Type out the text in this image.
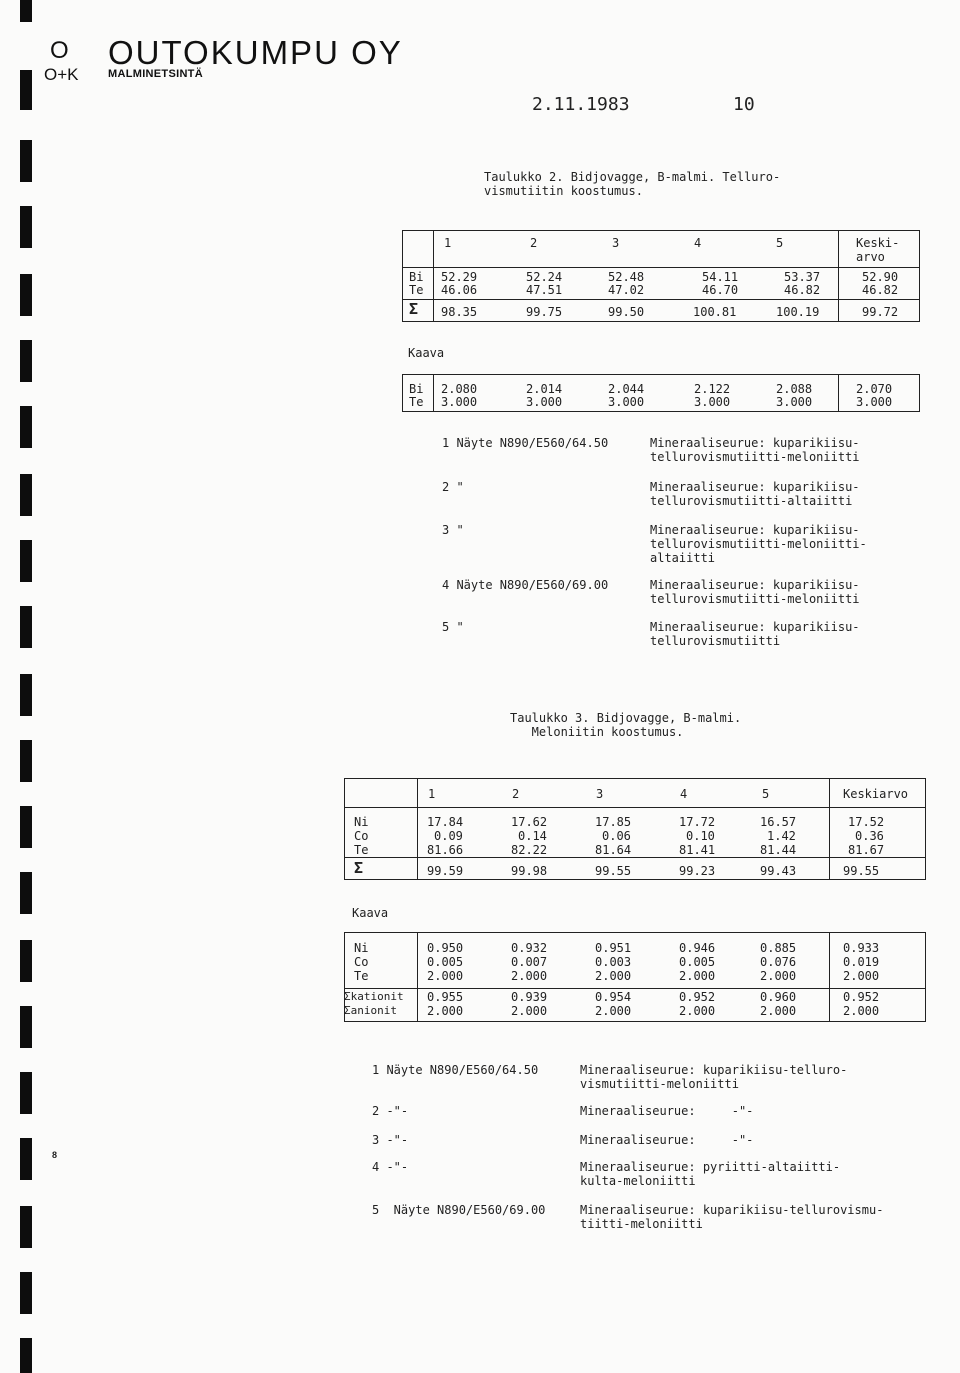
8
O
O+K
OUTOKUMPU OY
MALMINETSINTÄ
2.11.1983	10
Taulukko 2. Bidjovagge, B-malmi. Telluro-
vismutiitin koostumus.
1	2	3	4	5	Keski-
arvo
Bi 52.29	52.24	52.48	54.11	53.37	52.90
Te 46.06	47.51	47.02	46.70	46.82	46.82
Σ 98.35	99.75	99.50	100.81	100.19	99.72
Kaava
Bi 2.080	2.014	2.044	2.122	2.088	2.070
Te 3.000	3.000	3.000	3.000	3.000	3.000
1 Näyte N890/E560/64.50	Mineraaliseurue: kuparikiisu-
tellurovismutiitti-meloniitti
2 "	Mineraaliseurue: kuparikiisu-
tellurovismutiitti-altaiitti
3 "	Mineraaliseurue: kuparikiisu-
tellurovismutiitti-meloniitti-
altaiitti
4 Näyte N890/E560/69.00	Mineraaliseurue: kuparikiisu-
tellurovismutiitti-meloniitti
5 "	Mineraaliseurue: kuparikiisu-
tellurovismutiitti
Taulukko 3. Bidjovagge, B-malmi.
Meloniitin koostumus.
1	2	3	4	5	Keskiarvo
Ni	17.84	17.62	17.85	17.72	16.57	17.52
Co	0.09	0.14	0.06	0.10	1.42	0.36
Te	81.66	82.22	81.64	81.41	81.44	81.67
Σ	99.59	99.98	99.55	99.23	99.43	99.55
Kaava
Ni	0.950	0.932	0.951	0.946	0.885	0.933
Co	0.005	0.007	0.003	0.005	0.076	0.019
Te	2.000	2.000	2.000	2.000	2.000	2.000
Σkationit 0.955	0.939	0.954	0.952	0.960	0.952
Σanionit	2.000	2.000	2.000	2.000	2.000	2.000
1 Näyte N890/E560/64.50	Mineraaliseurue: kuparikiisu-telluro-
vismutiitti-meloniitti
2 -"-	Mineraaliseurue:     -"-
3 -"-	Mineraaliseurue:     -"-
4 -"-	Mineraaliseurue: pyriitti-altaiitti-
kulta-meloniitti
5  Näyte N890/E560/69.00	Mineraaliseurue: kuparikiisu-tellurovismu-
tiitti-meloniitti
